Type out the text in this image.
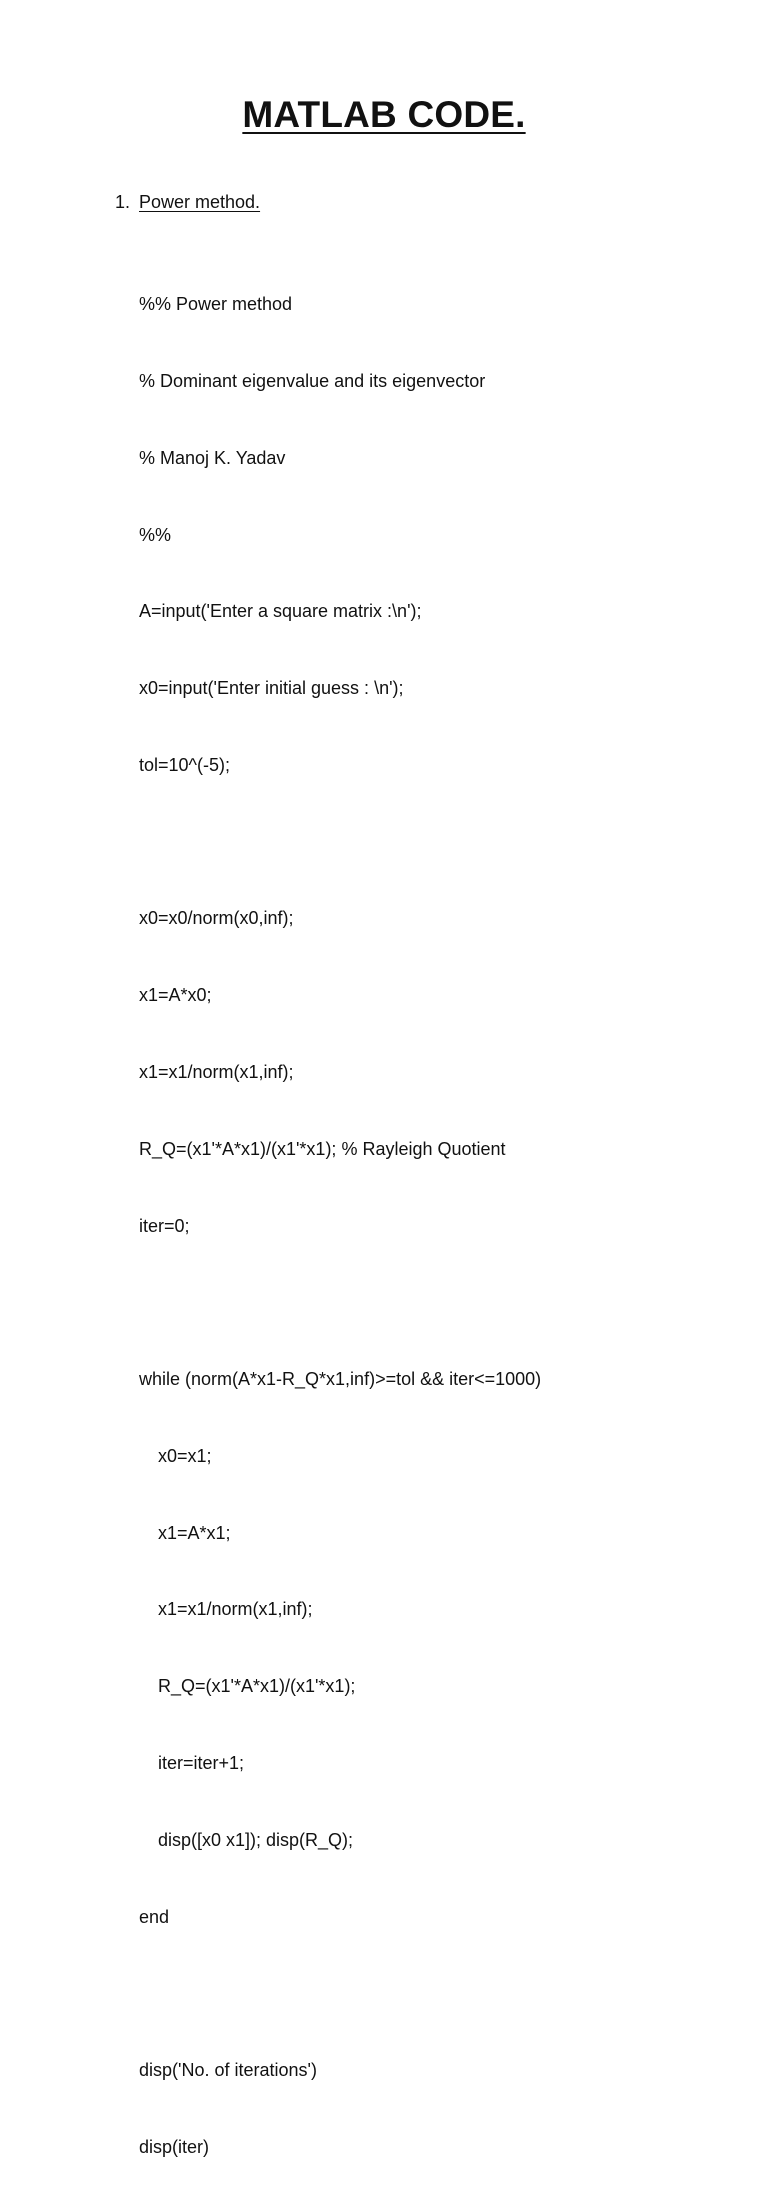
MATLAB CODE.
1. Power method.

%% Power method

% Dominant eigenvalue and its eigenvector

% Manoj K. Yadav

%%

A=input('Enter a square matrix :\n');

x0=input('Enter initial guess : \n');

tol=10^(-5);

x0=x0/norm(x0,inf);

x1=A*x0;

x1=x1/norm(x1,inf);

R_Q=(x1'*A*x1)/(x1'*x1); % Rayleigh Quotient

iter=0;

while (norm(A*x1-R_Q*x1,inf)>=tol && iter<=1000)

x0=x1;

x1=A*x1;

x1=x1/norm(x1,inf);

R_Q=(x1'*A*x1)/(x1'*x1);

iter=iter+1;

disp([x0 x1]); disp(R_Q);

end

disp('No. of iterations')

disp(iter)
